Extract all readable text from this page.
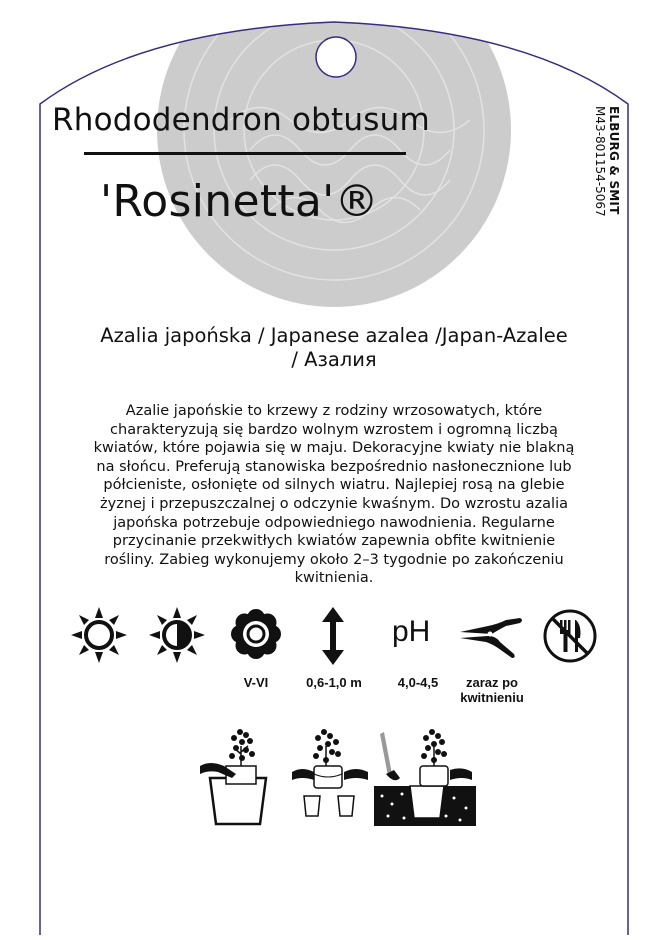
Rhododendron obtusum
'Rosinetta'®	ELBURG & SMIT
M43-801154-5067
Azalia japońska / Japanese azalea /Japan-Azalee
/ Азалия
Azalie japońskie to krzewy z rodziny wrzosowatych, które
charakteryzują się bardzo wolnym wzrostem i ogromną liczbą
kwiatów, które pojawia się w maju. Dekoracyjne kwiaty nie blakną
na słońcu. Preferują stanowiska bezpośrednio nasłonecznione lub
półcieniste, osłonięte od silnych wiatru. Najlepiej rosą na glebie
żyznej i przepuszczalnej o odczynie kwaśnym. Do wzrostu azalia
japońska potrzebuje odpowiedniego nawodnienia. Regularne
przycinanie przekwitłych kwiatów zapewnia obfite kwitnienie
rośliny. Zabieg wykonujemy około 2–3 tygodnie po zakończeniu
kwitnienia.
pH
V-VI	0,6-1,0 m	4,0-4,5	zaraz po
kwitnieniu
